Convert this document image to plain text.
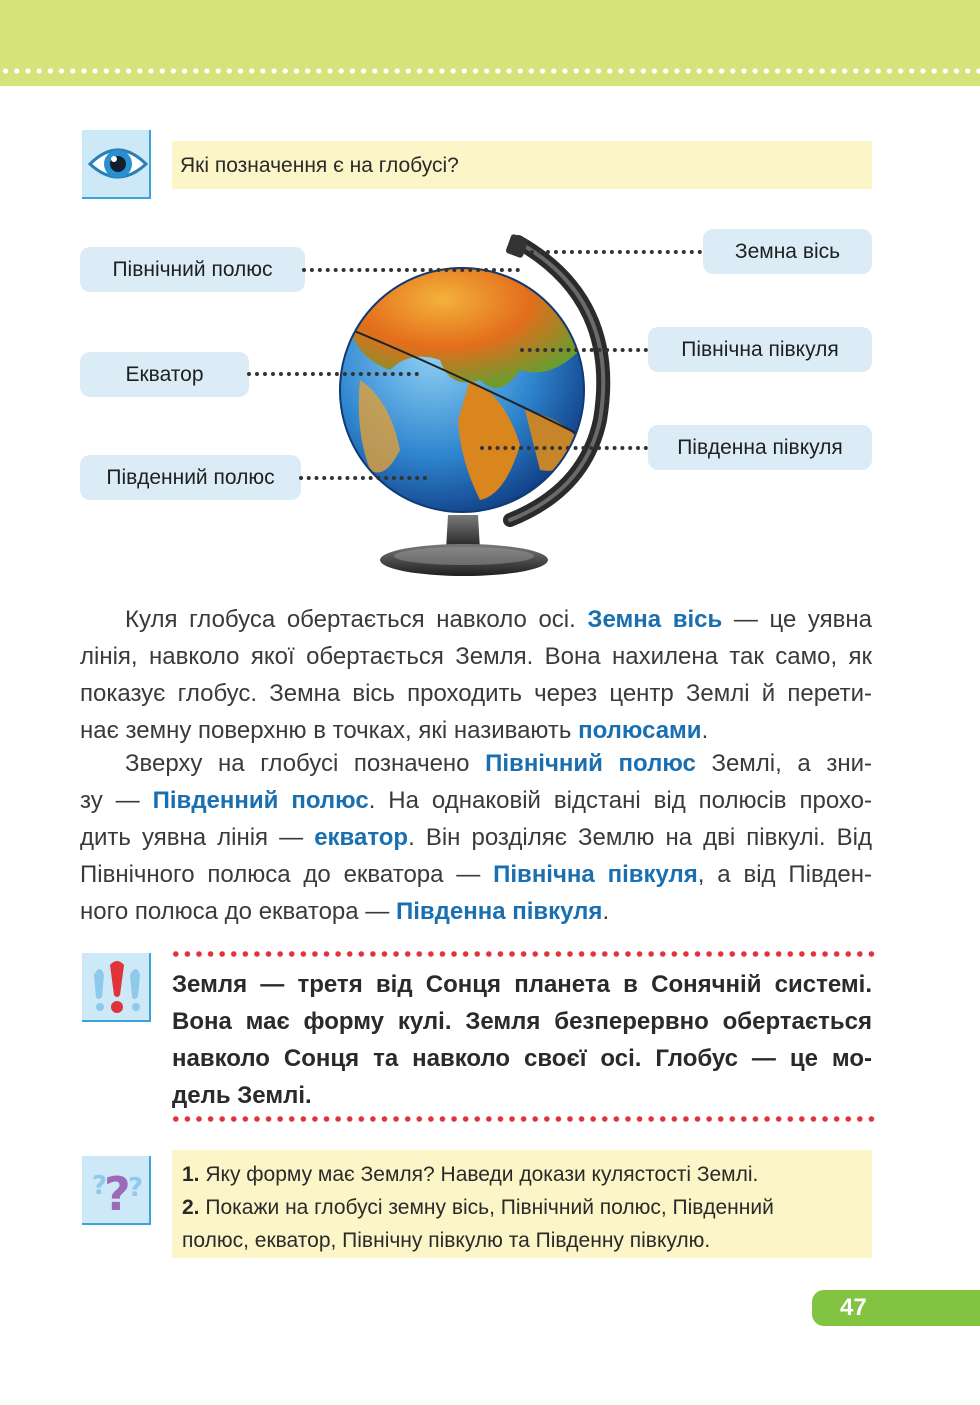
Які позначення є на глобусі?
Північний полюс
Екватор
Південний полюс
Земна вісь
Північна півкуля
Південна півкуля
Куля глобуса обертається навколо осі. Земна вісь — це уявна
лінія, навколо якої обертається Земля. Вона нахилена так само, як
показує глобус. Земна вісь проходить через центр Землі й перети-
нає земну поверхню в точках, які називають полюсами.
Зверху на глобусі позначено Північний полюс Землі, а зни-
зу — Південний полюс. На однаковій відстані від полюсів прохо-
дить уявна лінія — екватор. Він розділяє Землю на дві півкулі. Від
Північного полюса до екватора — Північна півкуля, а від Півден-
ного полюса до екватора — Південна півкуля.
Земля — третя від Сонця планета в Сонячній системі.
Вона має форму кулі. Земля безперервно обертається
навколо Сонця та навколо своєї осі. Глобус — це мо-
дель Землі.
? ?
? 1. Яку форму має Земля? Наведи докази кулястості Землі.
2. Покажи на глобусі земну вісь, Північний полюс, Південний
полюс, екватор, Північну півкулю та Південну півкулю.
47
